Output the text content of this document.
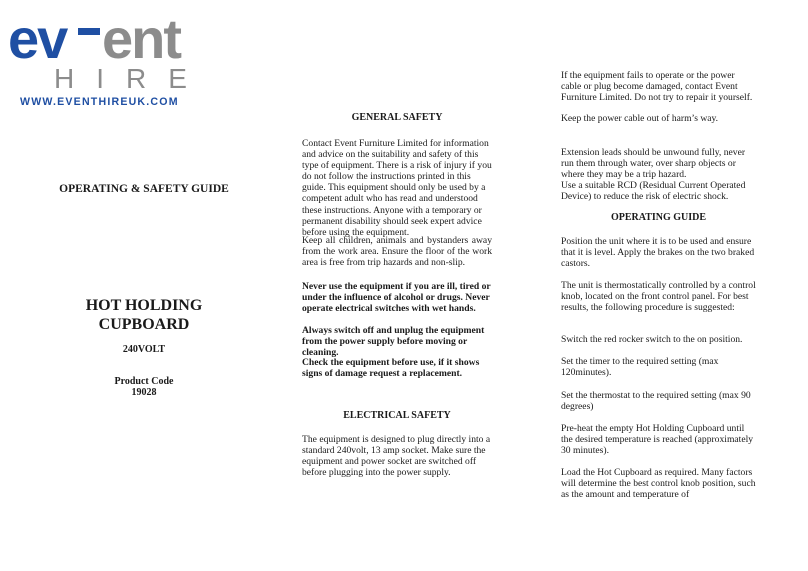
ev ent
HIRE
WWW.EVENTHIREUK.COM
OPERATING & SAFETY GUIDE
HOT HOLDING
CUPBOARD
240VOLT
Product Code
19028
GENERAL SAFETY

Contact Event Furniture Limited for information and advice on the suitability and safety of this type of equipment. There is a risk of injury if you do not follow the instructions printed in this guide. This equipment should only be used by a competent adult who has read and understood these instructions. Anyone with a temporary or permanent disability should seek expert advice before using the equipment.

Keep all children, animals and bystanders away from the work area. Ensure the floor of the work area is free from trip hazards and non-slip.

Never use the equipment if you are ill, tired or under the influence of alcohol or drugs. Never operate electrical switches with wet hands.

Always switch off and unplug the equipment from the power supply before moving or cleaning.

Check the equipment before use, if it shows signs of damage request a replacement.

ELECTRICAL SAFETY

The equipment is designed to plug directly into a standard 240volt, 13 amp socket. Make sure the equipment and power socket are switched off before plugging into the power supply.

If the equipment fails to operate or the power cable or plug become damaged, contact Event Furniture Limited. Do not try to repair it yourself.

Keep the power cable out of harm’s way.

Extension leads should be unwound fully, never run them through water, over sharp objects or where they may be a trip hazard.

Use a suitable RCD (Residual Current Operated Device) to reduce the risk of electric shock.

OPERATING GUIDE

Position the unit where it is to be used and ensure that it is level. Apply the brakes on the two braked castors.

The unit is thermostatically controlled by a control knob, located on the front control panel. For best results, the following procedure is suggested:

Switch the red rocker switch to the on position.

Set the timer to the required setting (max 120minutes).

Set the thermostat to the required setting (max 90 degrees)

Pre-heat the empty Hot Holding Cupboard until the desired temperature is reached (approximately 30 minutes).

Load the Hot Cupboard as required. Many factors will determine the best control knob position, such as the amount and temperature of
